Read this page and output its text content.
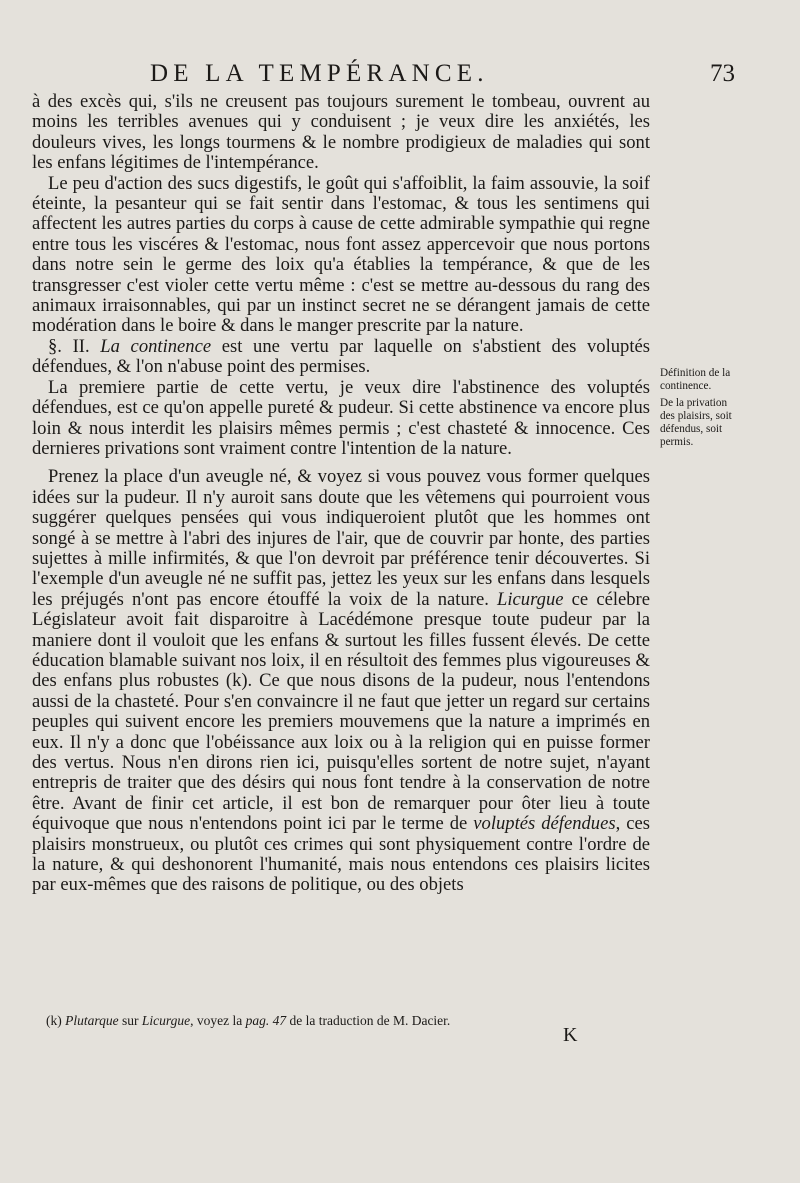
DE LA TEMPÉRANCE.	73

à des excès qui, s'ils ne creusent pas toujours surement le tombeau, ouvrent au moins les terribles avenues qui y conduisent ; je veux dire les anxiétés, les douleurs vives, les longs tourmens & le nombre prodigieux de maladies qui sont les enfans légitimes de l'intempérance.

Le peu d'action des sucs digestifs, le goût qui s'affoiblit, la faim assouvie, la soif éteinte, la pesanteur qui se fait sentir dans l'estomac, & tous les sentimens qui affectent les autres parties du corps à cause de cette admirable sympathie qui regne entre tous les viscéres & l'estomac, nous font assez appercevoir que nous portons dans notre sein le germe des loix qu'a établies la tempérance, & que de les transgresser c'est violer cette vertu même : c'est se mettre au-dessous du rang des animaux irraisonnables, qui par un instinct secret ne se dérangent jamais de cette modération dans le boire & dans le manger prescrite par la nature.

§. II. La continence est une vertu par laquelle on s'abstient des voluptés défendues, & l'on n'abuse point des permises.

La premiere partie de cette vertu, je veux dire l'abstinence des voluptés défendues, est ce qu'on appelle pureté & pudeur. Si cette abstinence va encore plus loin & nous interdit les plaisirs mêmes permis ; c'est chasteté & innocence. Ces dernieres privations sont vraiment contre l'intention de la nature.

Prenez la place d'un aveugle né, & voyez si vous pouvez vous former quelques idées sur la pudeur. Il n'y auroit sans doute que les vêtemens qui pourroient vous suggérer quelques pensées qui vous indiqueroient plutôt que les hommes ont songé à se mettre à l'abri des injures de l'air, que de couvrir par honte, des parties sujettes à mille infirmités, & que l'on devroit par préférence tenir découvertes. Si l'exemple d'un aveugle né ne suffit pas, jettez les yeux sur les enfans dans lesquels les préjugés n'ont pas encore étouffé la voix de la nature. Licurgue ce célebre Législateur avoit fait disparoitre à Lacédémone presque toute pudeur par la maniere dont il vouloit que les enfans & surtout les filles fussent élevés. De cette éducation blamable suivant nos loix, il en résultoit des femmes plus vigoureuses & des enfans plus robustes (k). Ce que nous disons de la pudeur, nous l'entendons aussi de la chasteté. Pour s'en convaincre il ne faut que jetter un regard sur certains peuples qui suivent encore les premiers mouvemens que la nature a imprimés en eux. Il n'y a donc que l'obéissance aux loix ou à la religion qui en puisse former des vertus. Nous n'en dirons rien ici, puisqu'elles sortent de notre sujet, n'ayant entrepris de traiter que des désirs qui nous font tendre à la conservation de notre être. Avant de finir cet article, il est bon de remarquer pour ôter lieu à toute équivoque que nous n'entendons point ici par le terme de voluptés défendues, ces plaisirs monstrueux, ou plutôt ces crimes qui sont physiquement contre l'ordre de la nature, & qui deshonorent l'humanité, mais nous entendons ces plaisirs licites par eux-mêmes que des raisons de politique, ou des objets

Définition de la continence.

De la privation des plaisirs, soit défendus, soit permis.

(k) Plutarque sur Licurgue, voyez la pag. 47 de la traduction de M. Dacier.
K
